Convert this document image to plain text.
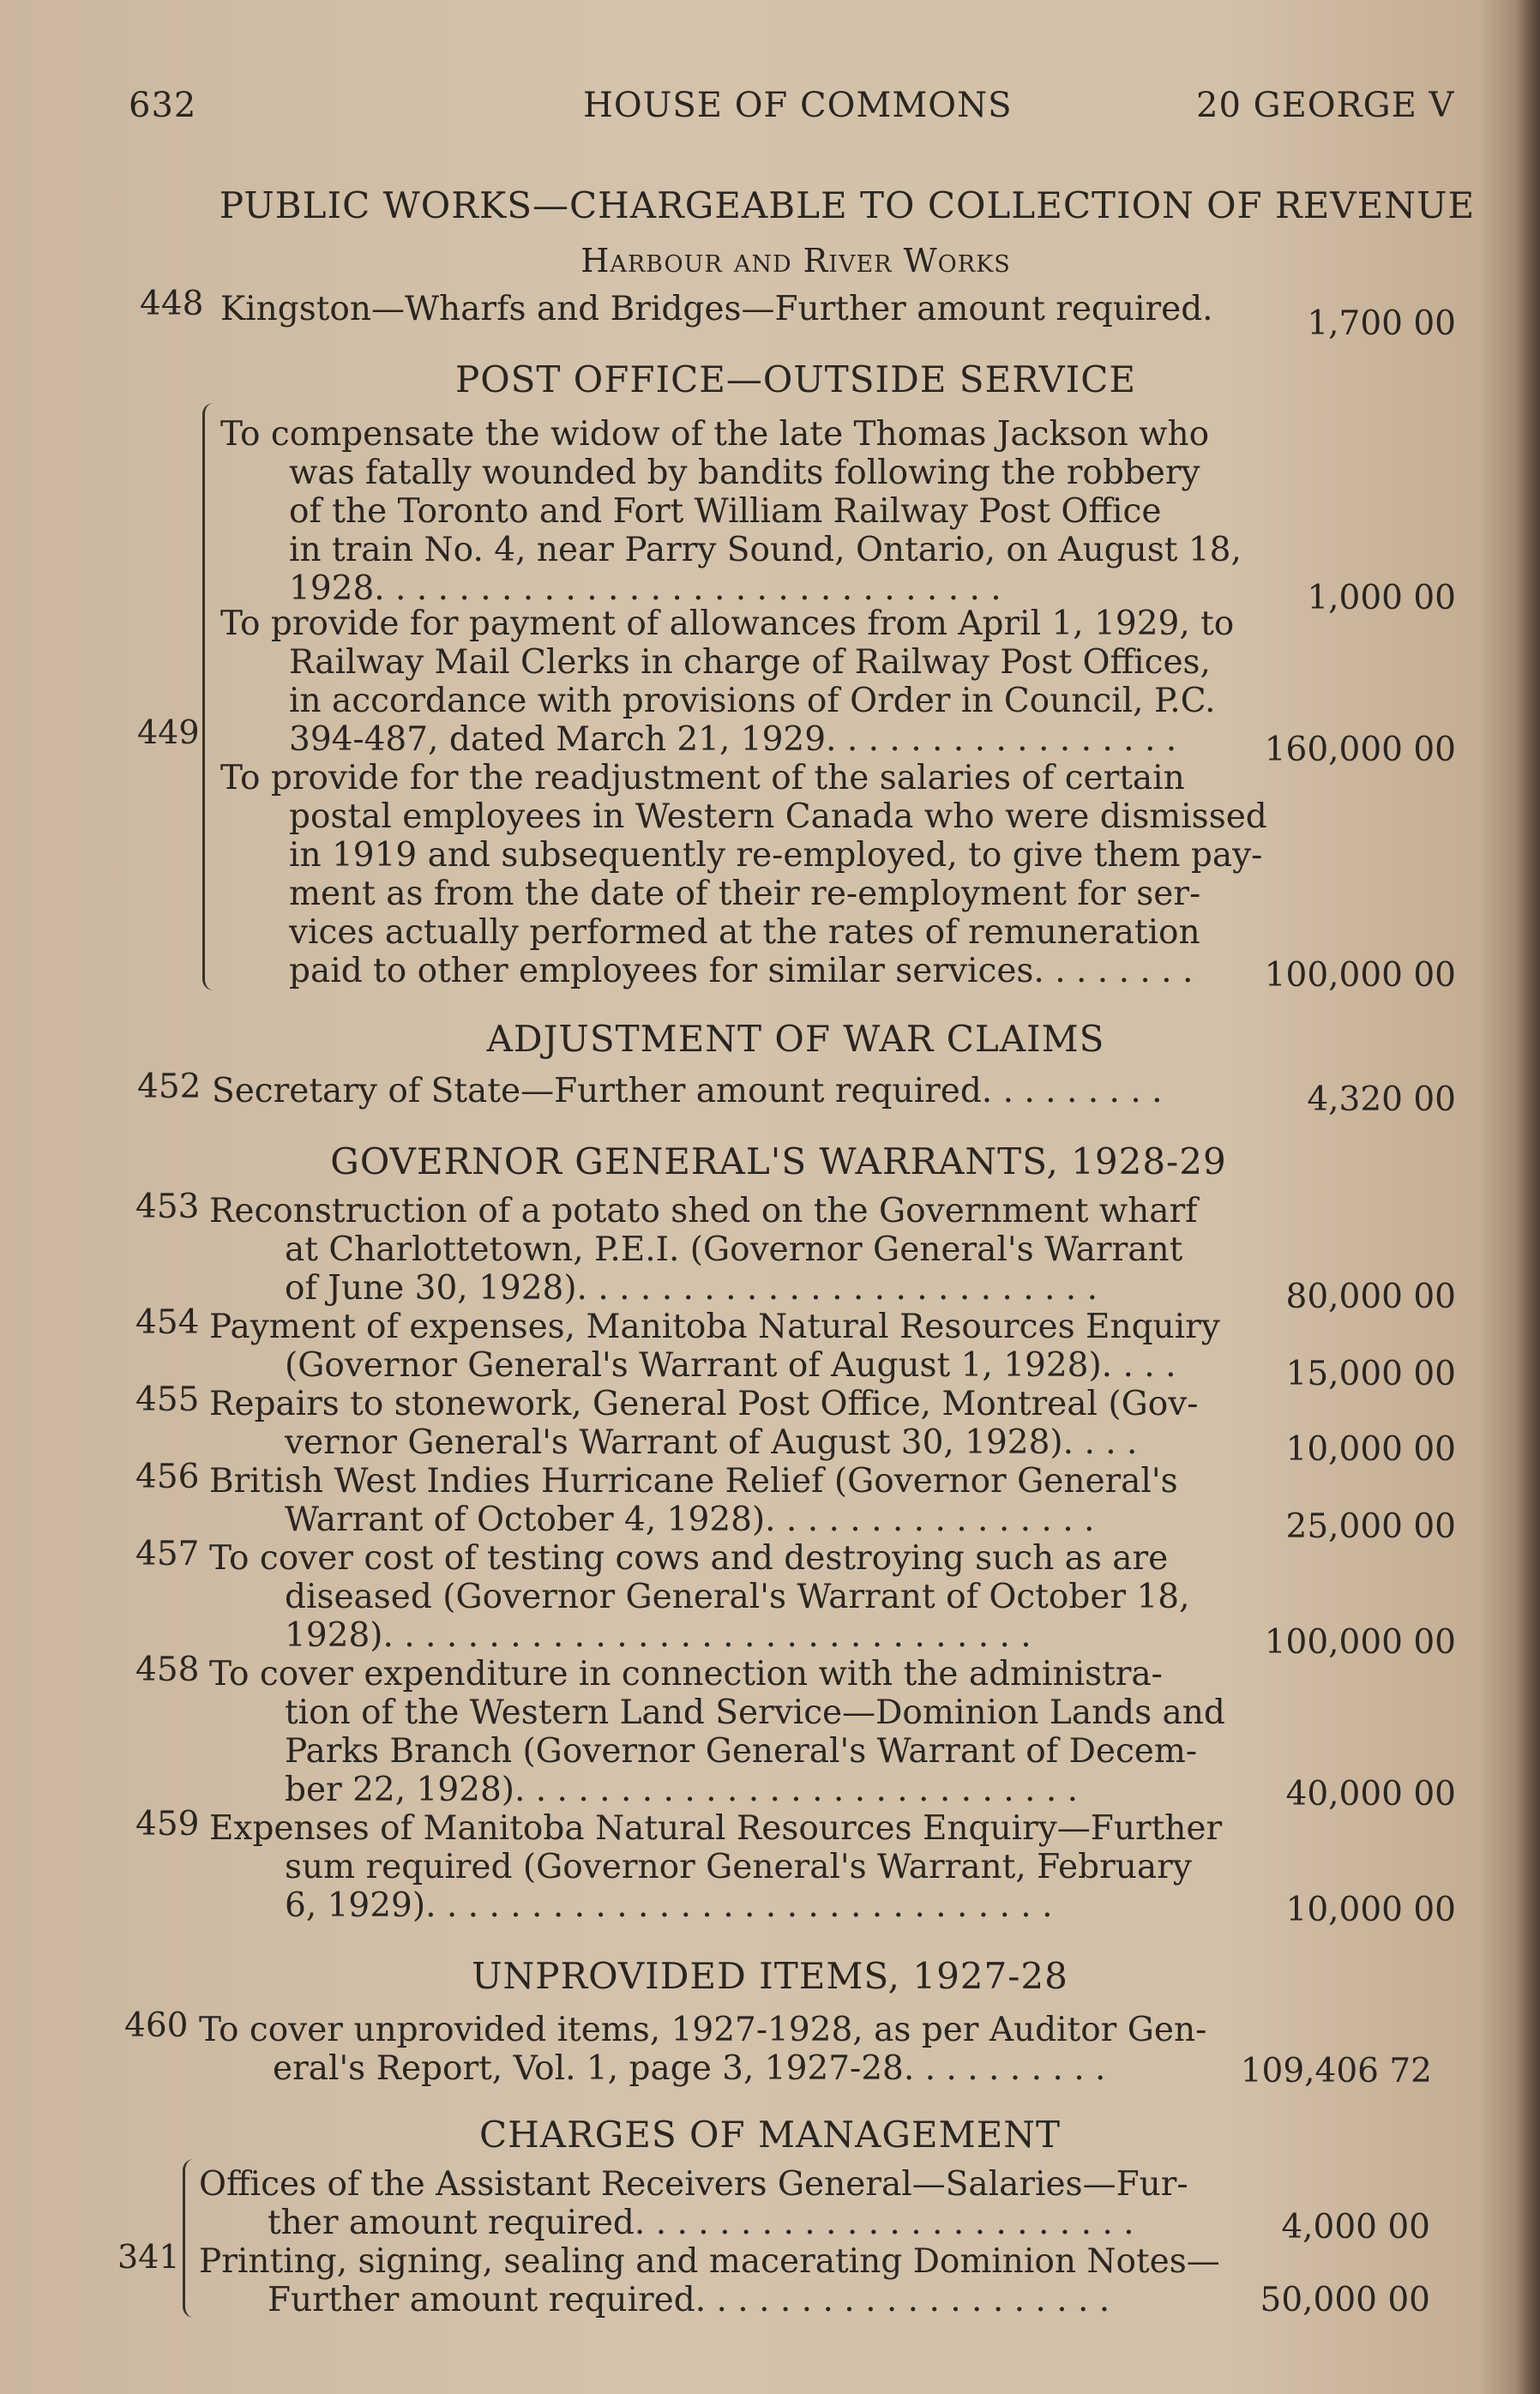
632	HOUSE OF COMMONS	20 GEORGE V
PUBLIC WORKS—CHARGEABLE TO COLLECTION OF REVENUE
Harbour and River Works
448 Kingston—Wharfs and Bridges—Further amount required.	1,700 00
POST OFFICE—OUTSIDE SERVICE
449
To compensate the widow of the late Thomas Jackson who
was fatally wounded by bandits following the robbery
of the Toronto and Fort William Railway Post Office
in train No. 4, near Parry Sound, Ontario, on August 18,
1928. . . . . . . . . . . . . . . . . . . . . . . . . . . . . .	1,000 00
To provide for payment of allowances from April 1, 1929, to
Railway Mail Clerks in charge of Railway Post Offices,
in accordance with provisions of Order in Council, P.C.
394-487, dated March 21, 1929. . . . . . . . . . . . . . . . .	160,000 00
To provide for the readjustment of the salaries of certain
postal employees in Western Canada who were dismissed
in 1919 and subsequently re-employed, to give them pay-
ment as from the date of their re-employment for ser-
vices actually performed at the rates of remuneration
paid to other employees for similar services. . . . . . . .	100,000 00
ADJUSTMENT OF WAR CLAIMS
452 Secretary of State—Further amount required. . . . . . . . .	4,320 00
GOVERNOR GENERAL'S WARRANTS, 1928-29
453 Reconstruction of a potato shed on the Government wharf
at Charlottetown, P.E.I. (Governor General's Warrant
of June 30, 1928). . . . . . . . . . . . . . . . . . . . . . . . .	80,000 00
454 Payment of expenses, Manitoba Natural Resources Enquiry
(Governor General's Warrant of August 1, 1928). . . .	15,000 00
455 Repairs to stonework, General Post Office, Montreal (Gov-
vernor General's Warrant of August 30, 1928). . . .	10,000 00
456 British West Indies Hurricane Relief (Governor General's
Warrant of October 4, 1928). . . . . . . . . . . . . . . .	25,000 00
457 To cover cost of testing cows and destroying such as are
diseased (Governor General's Warrant of October 18,
1928). . . . . . . . . . . . . . . . . . . . . . . . . . . . . . .	100,000 00
458 To cover expenditure in connection with the administra-
tion of the Western Land Service—Dominion Lands and
Parks Branch (Governor General's Warrant of Decem-
ber 22, 1928). . . . . . . . . . . . . . . . . . . . . . . . . . .	40,000 00
459 Expenses of Manitoba Natural Resources Enquiry—Further
sum required (Governor General's Warrant, February
6, 1929). . . . . . . . . . . . . . . . . . . . . . . . . . . . . .	10,000 00
UNPROVIDED ITEMS, 1927-28
460 To cover unprovided items, 1927-1928, as per Auditor Gen-
eral's Report, Vol. 1, page 3, 1927-28. . . . . . . . . .	109,406 72
CHARGES OF MANAGEMENT
341
Offices of the Assistant Receivers General—Salaries—Fur-
ther amount required. . . . . . . . . . . . . . . . . . . . . . . .	4,000 00
Printing, signing, sealing and macerating Dominion Notes—
Further amount required. . . . . . . . . . . . . . . . . . . .	50,000 00
